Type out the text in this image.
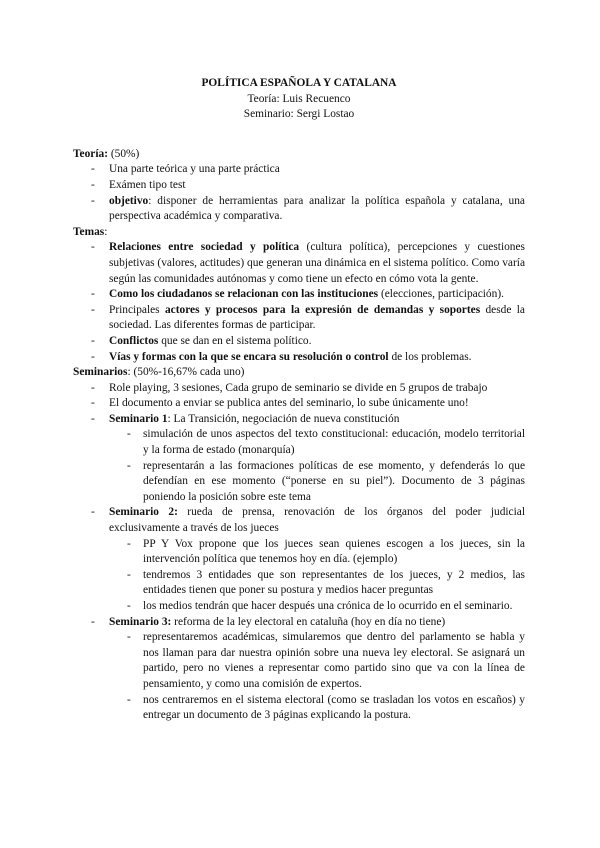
POLÍTICA ESPAÑOLA Y CATALANA

Teoría: Luis Recuenco

Seminario: Sergi Lostao

Teoría: (50%)

- Una parte teórica y una parte práctica
- Exámen tipo test
- objetivo: disponer de herramientas para analizar la política española y catalana, una perspectiva académica y comparativa.

Temas:

- Relaciones entre sociedad y política (cultura política), percepciones y cuestiones subjetivas (valores, actitudes) que generan una dinámica en el sistema político. Como varía según las comunidades autónomas y como tiene un efecto en cómo vota la gente.
- Como los ciudadanos se relacionan con las instituciones (elecciones, participación).
- Principales actores y procesos para la expresión de demandas y soportes desde la sociedad. Las diferentes formas de participar.
- Conflictos que se dan en el sistema político.
- Vías y formas con la que se encara su resolución o control de los problemas.

Seminarios: (50%-16,67% cada uno)

- Role playing, 3 sesiones, Cada grupo de seminario se divide en 5 grupos de trabajo
- El documento a enviar se publica antes del seminario, lo sube únicamente uno!
- Seminario 1: La Transición, negociación de nueva constitución
- simulación de unos aspectos del texto constitucional: educación, modelo territorial y la forma de estado (monarquía)
- representarán a las formaciones políticas de ese momento, y defenderás lo que defendían en ese momento (“ponerse en su piel”). Documento de 3 páginas poniendo la posición sobre este tema
- Seminario 2: rueda de prensa, renovación de los órganos del poder judicial exclusivamente a través de los jueces
- PP Y Vox propone que los jueces sean quienes escogen a los jueces, sin la intervención política que tenemos hoy en día. (ejemplo)
- tendremos 3 entidades que son representantes de los jueces, y 2 medios, las entidades tienen que poner su postura y medios hacer preguntas
- los medios tendrán que hacer después una crónica de lo ocurrido en el seminario.
- Seminario 3: reforma de la ley electoral en cataluña (hoy en día no tiene)
- representaremos académicas, simularemos que dentro del parlamento se habla y nos llaman para dar nuestra opinión sobre una nueva ley electoral. Se asignará un partido, pero no vienes a representar como partido sino que va con la línea de pensamiento, y como una comisión de expertos.
- nos centraremos en el sistema electoral (como se trasladan los votos en escaños) y entregar un documento de 3 páginas explicando la postura.
